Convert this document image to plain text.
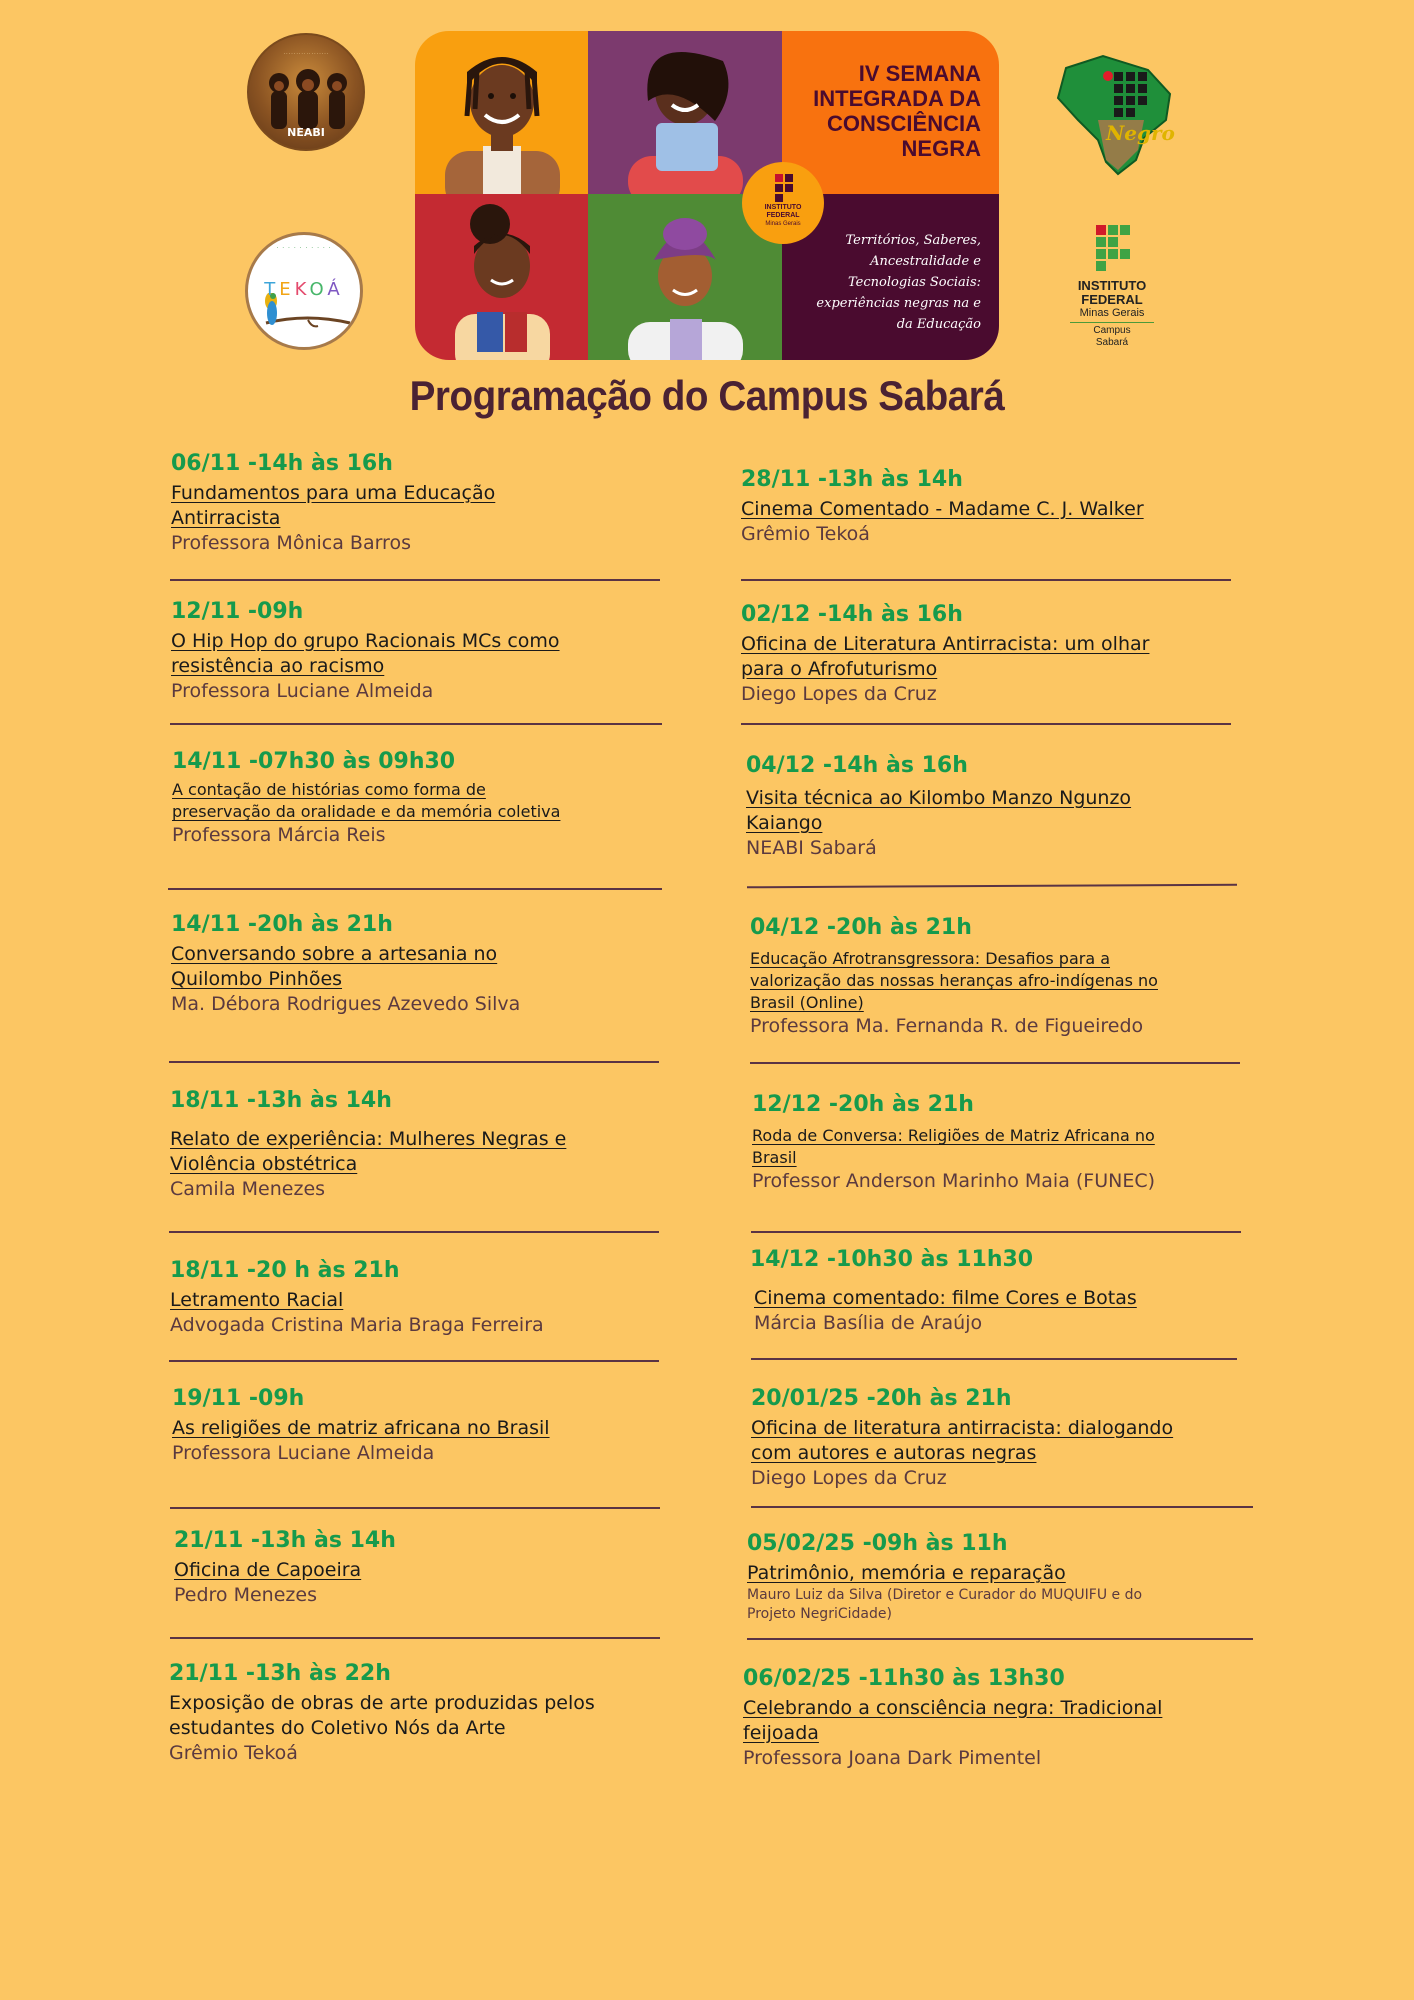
· · · · · · · · · · · · · · · · · ·
NEABI
· · · · · · · · · ·
TEKOÁ
IV SEMANA
INTEGRADA DA
CONSCIÊNCIA
NEGRA
Territórios, Saberes,
Ancestralidade e
Tecnologias Sociais:
experiências negras na e
da Educação
INSTITUTO
FEDERAL
Minas Gerais
Negro
INSTITUTO
FEDERAL
Minas Gerais
Campus
Sabará
Programação do Campus Sabará
06/11 -14h às 16h
Fundamentos para uma Educação
Antirracista
Professora Mônica Barros
12/11 -09h
O Hip Hop do grupo Racionais MCs como
resistência ao racismo
Professora Luciane Almeida
14/11 -07h30 às 09h30
A contação de histórias como forma de
preservação da oralidade e da memória coletiva
Professora Márcia Reis
14/11 -20h às 21h
Conversando sobre a artesania no
Quilombo Pinhões
Ma. Débora Rodrigues Azevedo Silva
18/11 -13h às 14h
Relato de experiência: Mulheres Negras e
Violência obstétrica
Camila Menezes
18/11 -20 h às 21h
Letramento Racial
Advogada Cristina Maria Braga Ferreira
19/11 -09h
As religiões de matriz africana no Brasil
Professora Luciane Almeida
21/11 -13h às 14h
Oficina de Capoeira
Pedro Menezes
21/11 -13h às 22h
Exposição de obras de arte produzidas pelos
estudantes do Coletivo Nós da Arte
Grêmio Tekoá
28/11 -13h às 14h
Cinema Comentado - Madame C. J. Walker
Grêmio Tekoá
02/12 -14h às 16h
Oficina de Literatura Antirracista: um olhar
para o Afrofuturismo
Diego Lopes da Cruz
04/12 -14h às 16h
Visita técnica ao Kilombo Manzo Ngunzo
Kaiango
NEABI Sabará
04/12 -20h às 21h
Educação Afrotransgressora: Desafios para a
valorização das nossas heranças afro-indígenas no
Brasil (Online)
Professora Ma. Fernanda R. de Figueiredo
12/12 -20h às 21h
Roda de Conversa: Religiões de Matriz Africana no
Brasil
Professor Anderson Marinho Maia (FUNEC)
14/12 -10h30 às 11h30
Cinema comentado: filme Cores e Botas
Márcia Basília de Araújo
20/01/25 -20h às 21h
Oficina de literatura antirracista: dialogando
com autores e autoras negras
Diego Lopes da Cruz
05/02/25 -09h às 11h
Patrimônio, memória e reparação
Mauro Luiz da Silva (Diretor e Curador do MUQUIFU e do
Projeto NegriCidade)
06/02/25 -11h30 às 13h30
Celebrando a consciência negra: Tradicional
feijoada
Professora Joana Dark Pimentel
